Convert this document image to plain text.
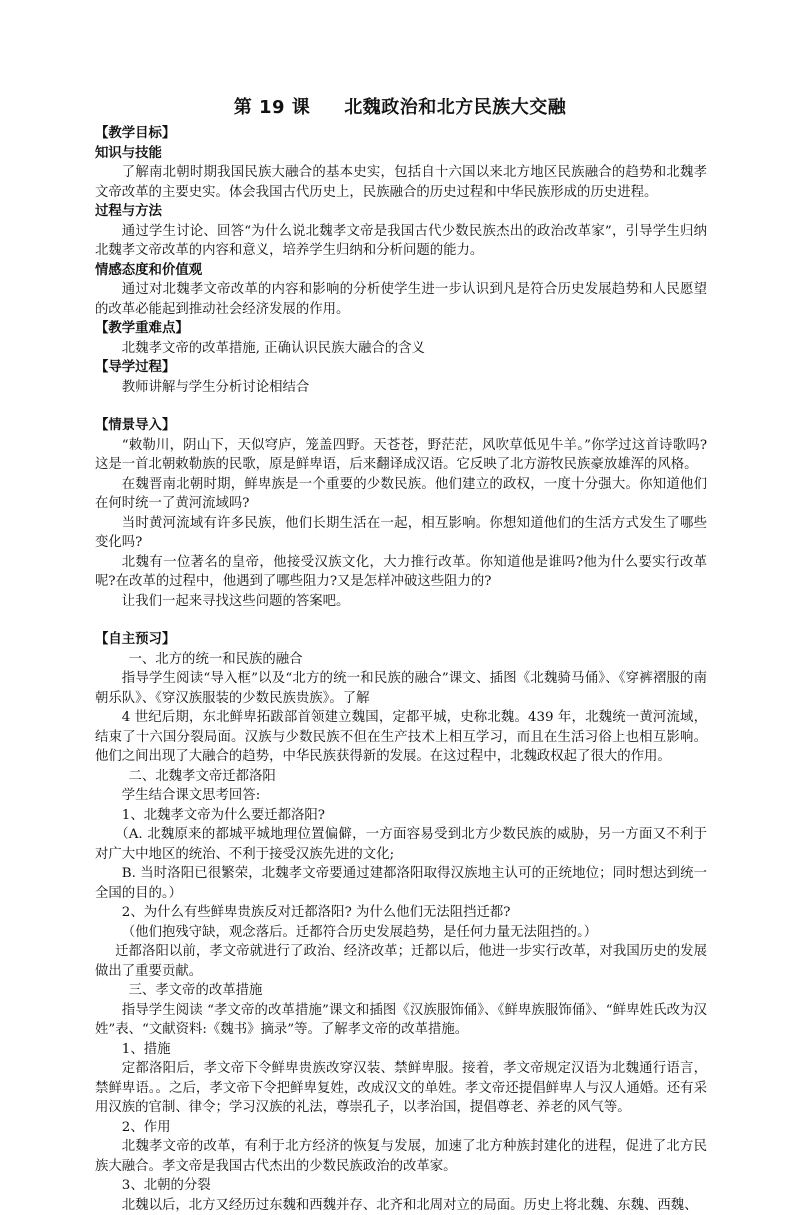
第 19 课 北魏政治和北方民族大交融
【教学目标】
知识与技能
了解南北朝时期我国民族大融合的基本史实，包括自十六国以来北方地区民族融合的趋势和北魏孝文帝改革的主要史实。体会我国古代历史上，民族融合的历史过程和中华民族形成的历史进程。
过程与方法
通过学生讨论、回答“为什么说北魏孝文帝是我国古代少数民族杰出的政治改革家”，引导学生归纳北魏孝文帝改革的内容和意义，培养学生归纳和分析问题的能力。
情感态度和价值观
通过对北魏孝文帝改革的内容和影响的分析使学生进一步认识到凡是符合历史发展趋势和人民愿望的改革必能起到推动社会经济发展的作用。
【教学重难点】
北魏孝文帝的改革措施, 正确认识民族大融合的含义
【导学过程】
教师讲解与学生分析讨论相结合
【情景导入】
“敕勒川，阴山下，天似穹庐，笼盖四野。天苍苍，野茫茫，风吹草低见牛羊。”你学过这首诗歌吗?这是一首北朝敕勒族的民歌，原是鲜卑语，后来翻译成汉语。它反映了北方游牧民族豪放雄浑的风格。
在魏晋南北朝时期，鲜卑族是一个重要的少数民族。他们建立的政权，一度十分强大。你知道他们在何时统一了黄河流域吗?
当时黄河流域有许多民族，他们长期生活在一起，相互影响。你想知道他们的生活方式发生了哪些变化吗?
北魏有一位著名的皇帝，他接受汉族文化，大力推行改革。你知道他是谁吗?他为什么要实行改革呢?在改革的过程中，他遇到了哪些阻力?又是怎样冲破这些阻力的?
让我们一起来寻找这些问题的答案吧。
【自主预习】
一、北方的统一和民族的融合
指导学生阅读“导入框”以及“北方的统一和民族的融合”课文、插图《北魏骑马俑》、《穿裤褶服的南朝乐队》、《穿汉族服装的少数民族贵族》。了解
4 世纪后期，东北鲜卑拓跋部首领建立魏国，定都平城，史称北魏。439 年，北魏统一黄河流域，结束了十六国分裂局面。汉族与少数民族不但在生产技术上相互学习，而且在生活习俗上也相互影响。他们之间出现了大融合的趋势，中华民族获得新的发展。在这过程中，北魏政权起了很大的作用。
二、北魏孝文帝迁都洛阳
学生结合课文思考回答:
1、北魏孝文帝为什么要迁都洛阳?
（A. 北魏原来的都城平城地理位置偏僻，一方面容易受到北方少数民族的威胁，另一方面又不利于对广大中地区的统治、不利于接受汉族先进的文化;
B. 当时洛阳已很繁荣，北魏孝文帝要通过建都洛阳取得汉族地主认可的正统地位；同时想达到统一全国的目的。）
2、为什么有些鲜卑贵族反对迁都洛阳? 为什么他们无法阻挡迁都?
（他们抱残守缺，观念落后。迁都符合历史发展趋势，是任何力量无法阻挡的。）
迁都洛阳以前，孝文帝就进行了政治、经济改革；迁都以后，他进一步实行改革，对我国历史的发展做出了重要贡献。
三、孝文帝的改革措施
指导学生阅读 “孝文帝的改革措施”课文和插图《汉族服饰俑》、《鲜卑族服饰俑》、“鲜卑姓氏改为汉姓”表、“文献资料:《魏书》摘录”等。了解孝文帝的改革措施。
1、措施
定都洛阳后，孝文帝下令鲜卑贵族改穿汉装、禁鲜卑服。接着，孝文帝规定汉语为北魏通行语言，禁鲜卑语。。之后，孝文帝下令把鲜卑复姓，改成汉文的单姓。孝文帝还提倡鲜卑人与汉人通婚。还有采用汉族的官制、律令；学习汉族的礼法，尊崇孔子，以孝治国，提倡尊老、养老的风气等。
2、作用
北魏孝文帝的改革，有利于北方经济的恢复与发展，加速了北方种族封建化的进程，促进了北方民族大融合。孝文帝是我国古代杰出的少数民族政治的改革家。
3、北朝的分裂
北魏以后，北方又经历过东魏和西魏并存、北齐和北周对立的局面。历史上将北魏、东魏、西魏、
